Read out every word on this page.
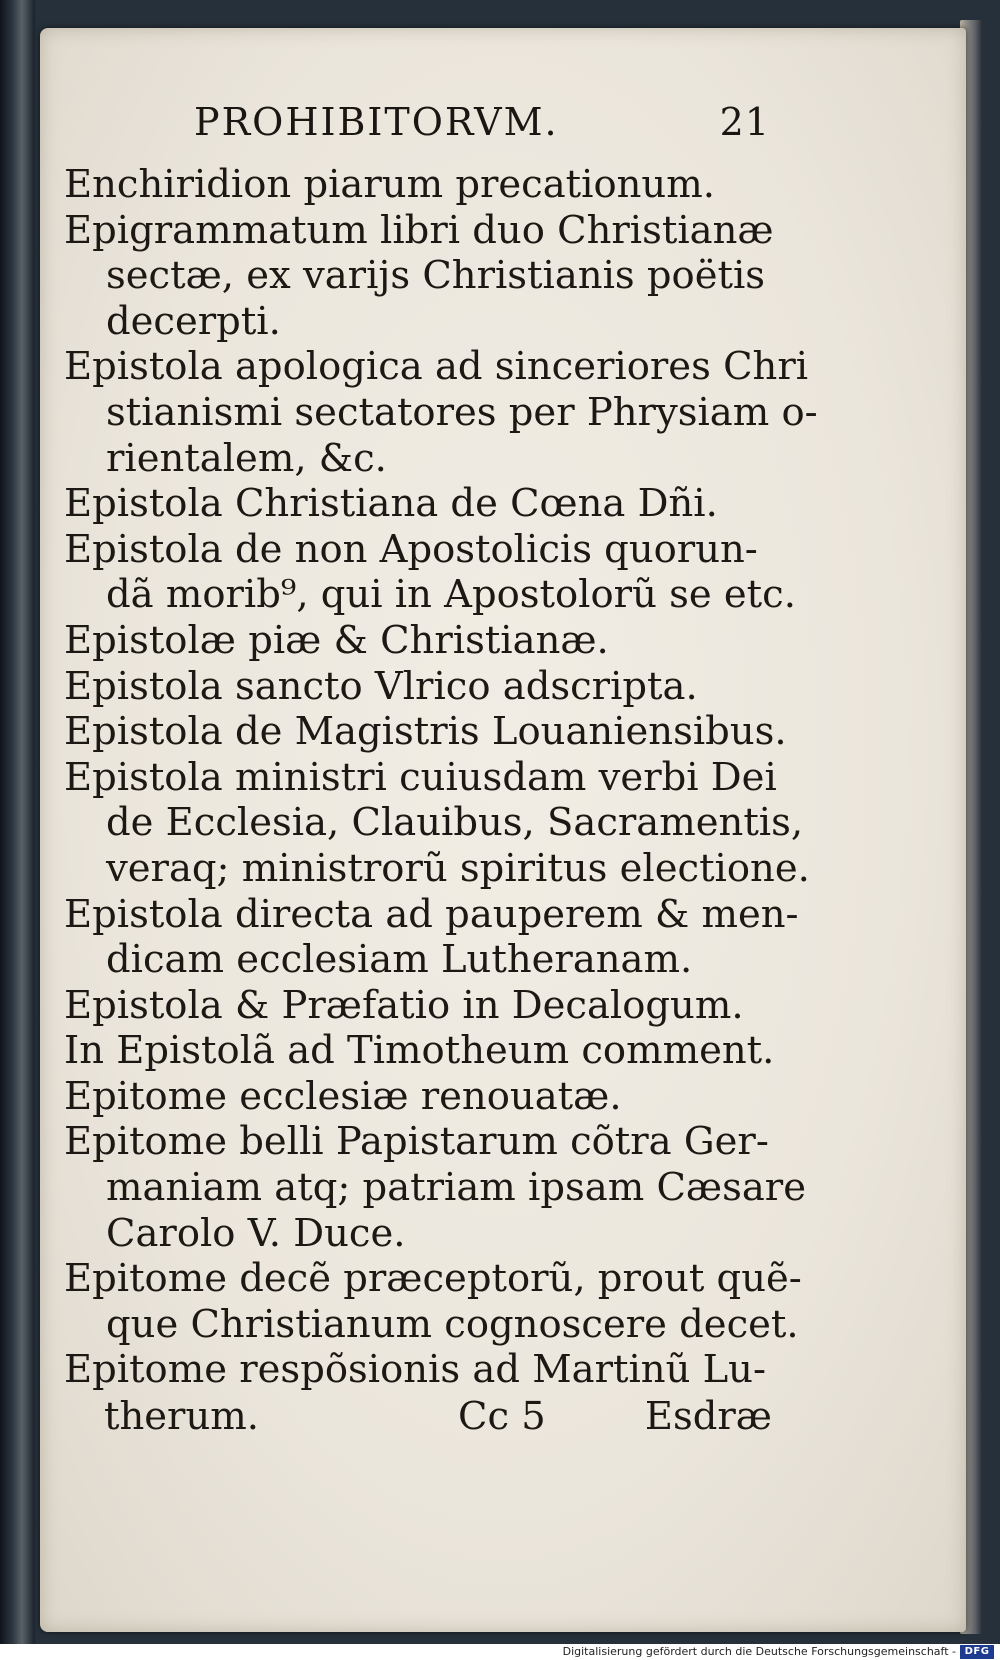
PROHIBITORVM.	21
Enchiridion piarum precationum.
Epigrammatum libri duo Christianæ
sectæ, ex varijs Christianis poëtis
decerpti.
Epistola apologica ad sinceriores Chri
stianismi sectatores per Phrysiam o-
rientalem, &c.
Epistola Christiana de Cœna Dñi.
Epistola de non Apostolicis quorun-
dã morib⁹, qui in Apostolorũ se etc.
Epistolæ piæ & Christianæ.
Epistola sancto Vlrico adscripta.
Epistola de Magistris Louaniensibus.
Epistola ministri cuiusdam verbi Dei
de Ecclesia, Clauibus, Sacramentis,
veraq; ministrorũ spiritus electione.
Epistola directa ad pauperem & men-
dicam ecclesiam Lutheranam.
Epistola & Præfatio in Decalogum.
In Epistolã ad Timotheum comment.
Epitome ecclesiæ renouatæ.
Epitome belli Papistarum cõtra Ger-
maniam atq; patriam ipsam Cæsare
Carolo V. Duce.
Epitome decẽ præceptorũ, prout quẽ-
que Christianum cognoscere decet.
Epitome respõsionis ad Martinũ Lu-
therum.	Cc 5	Esdræ
Digitalisierung gefördert durch die Deutsche Forschungsgemeinschaft - DFG
